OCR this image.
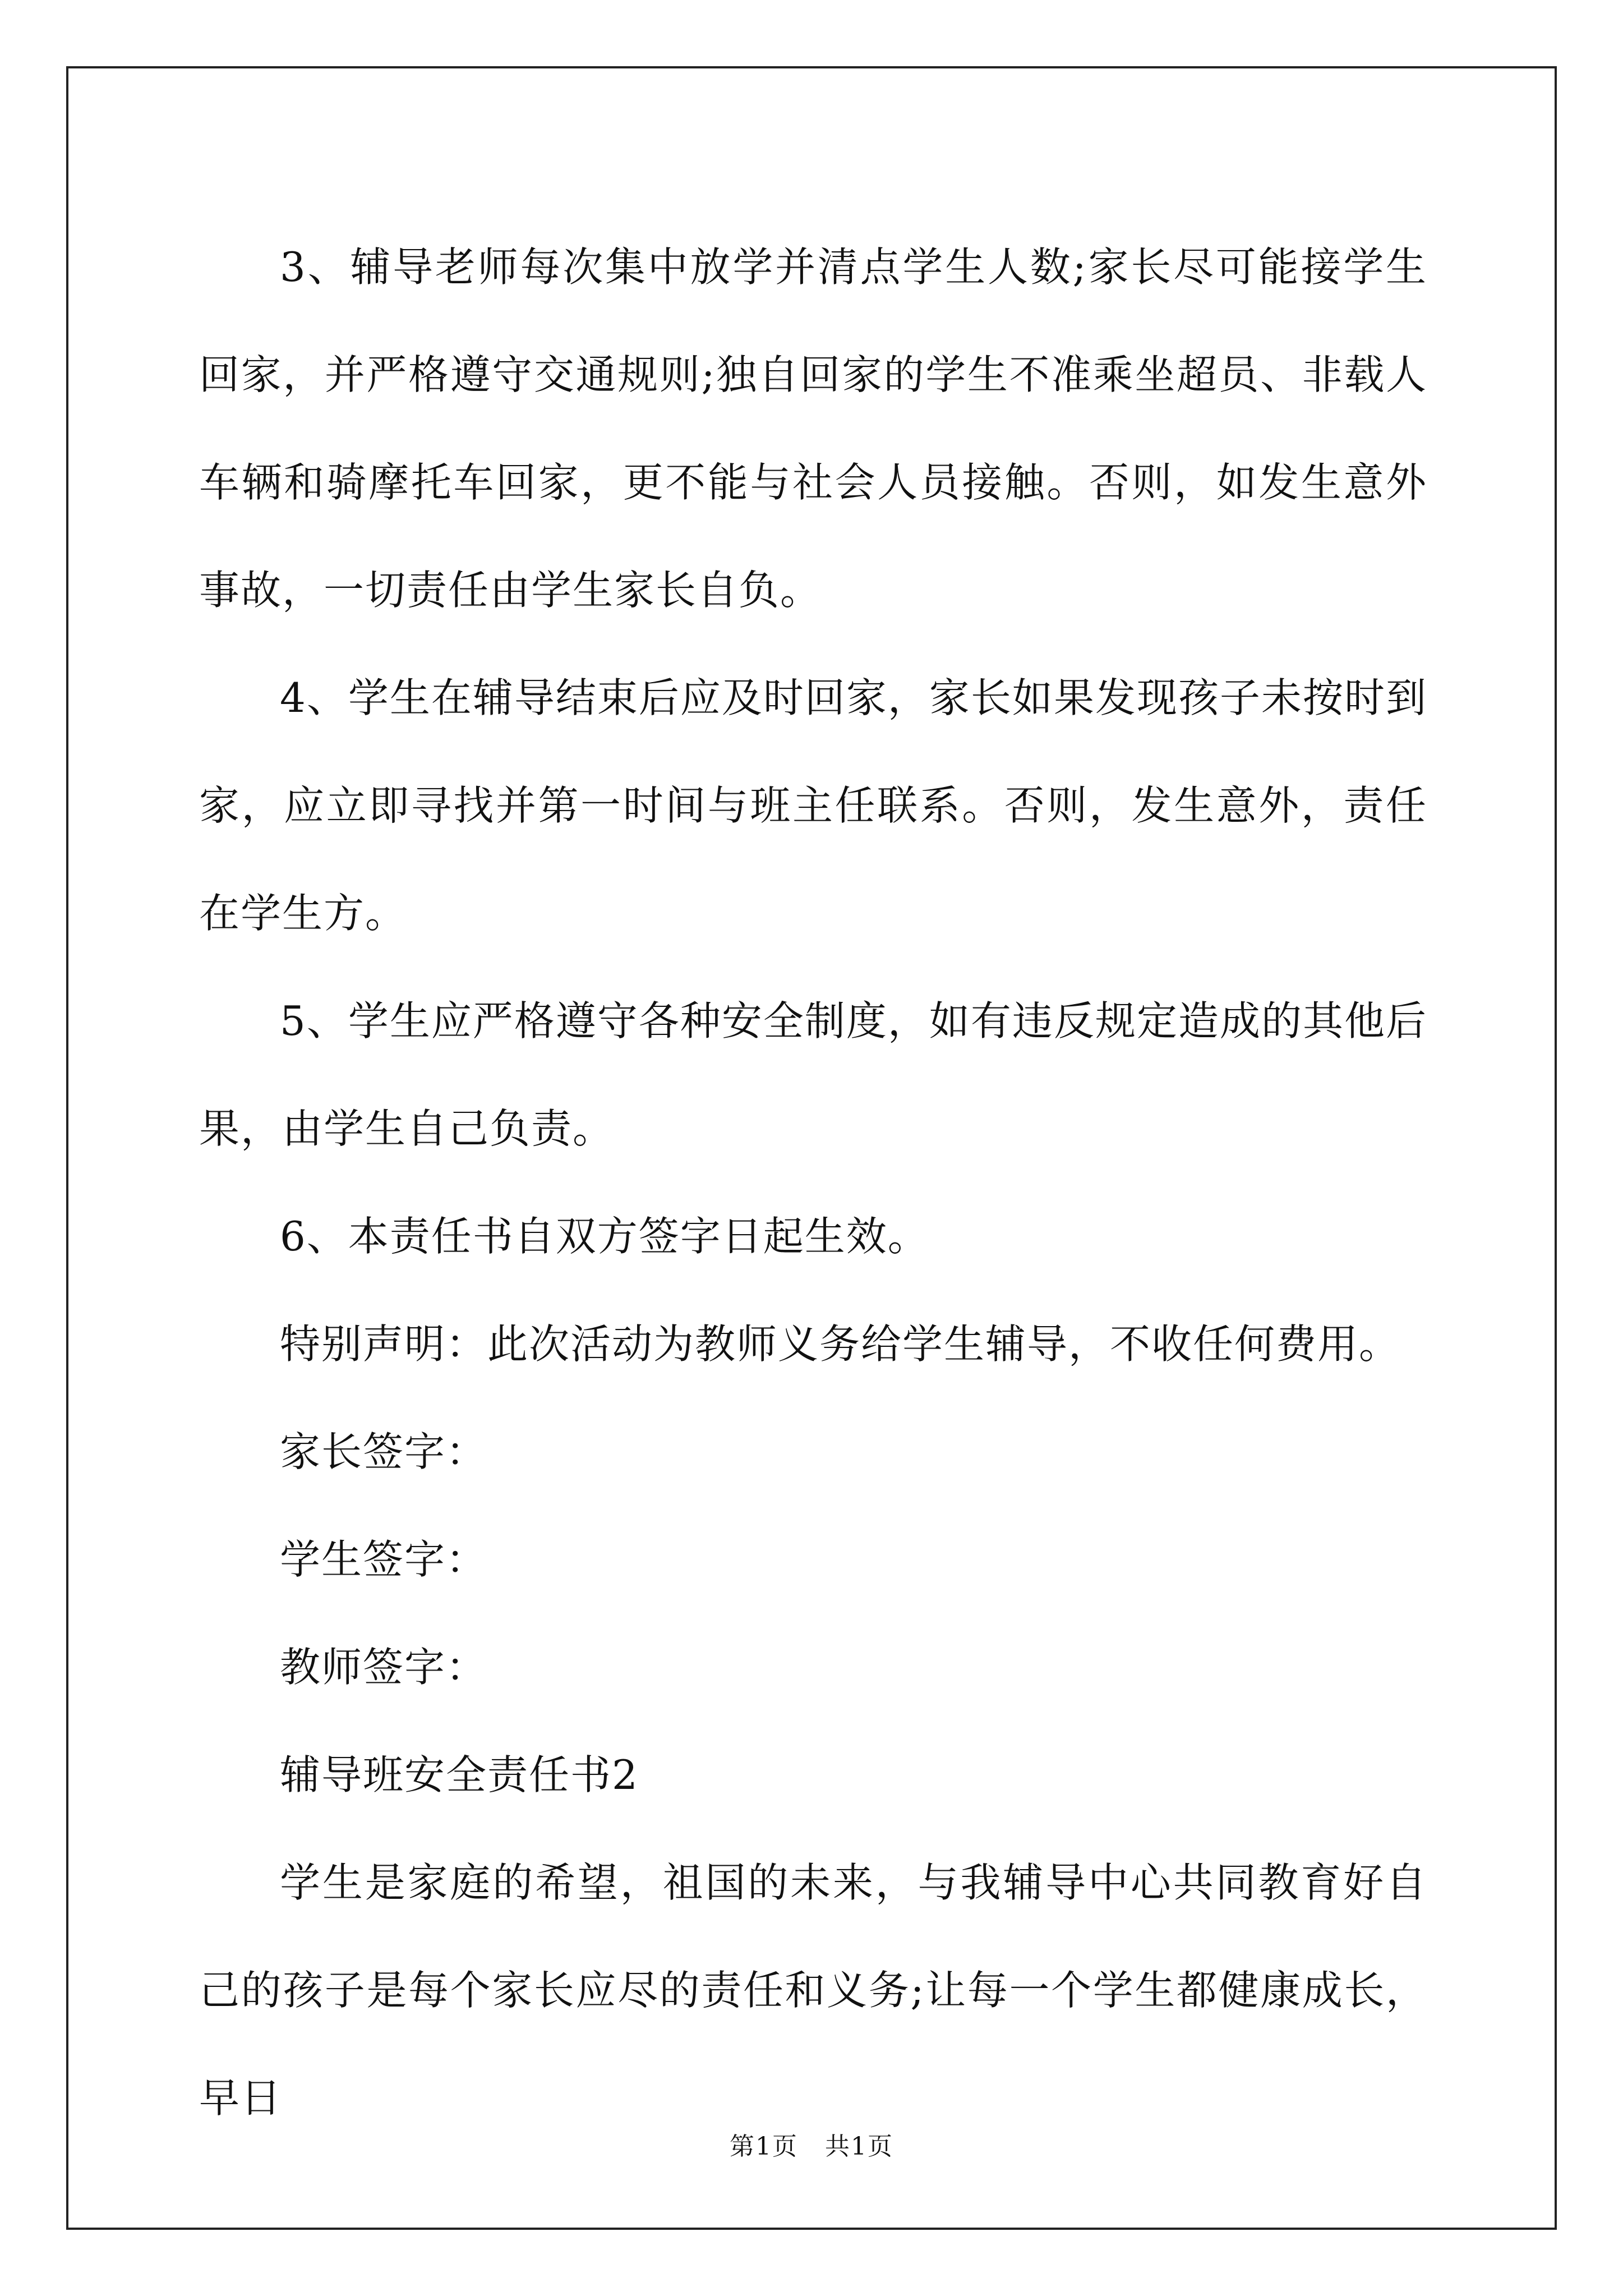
3、辅导老师每次集中放学并清点学生人数;家长尽可能接学生回家，并严格遵守交通规则;独自回家的学生不准乘坐超员、非载人车辆和骑摩托车回家，更不能与社会人员接触。否则，如发生意外事故，一切责任由学生家长自负。

4、学生在辅导结束后应及时回家，家长如果发现孩子未按时到家，应立即寻找并第一时间与班主任联系。否则，发生意外，责任在学生方。

5、学生应严格遵守各种安全制度，如有违反规定造成的其他后果，由学生自己负责。

6、本责任书自双方签字日起生效。

特别声明：此次活动为教师义务给学生辅导，不收任何费用。

家长签字：

学生签字：

教师签字：

辅导班安全责任书2

学生是家庭的希望，祖国的未来，与我辅导中心共同教育好自己的孩子是每个家长应尽的责任和义务;让每一个学生都健康成长，早日

第1页 共1页
